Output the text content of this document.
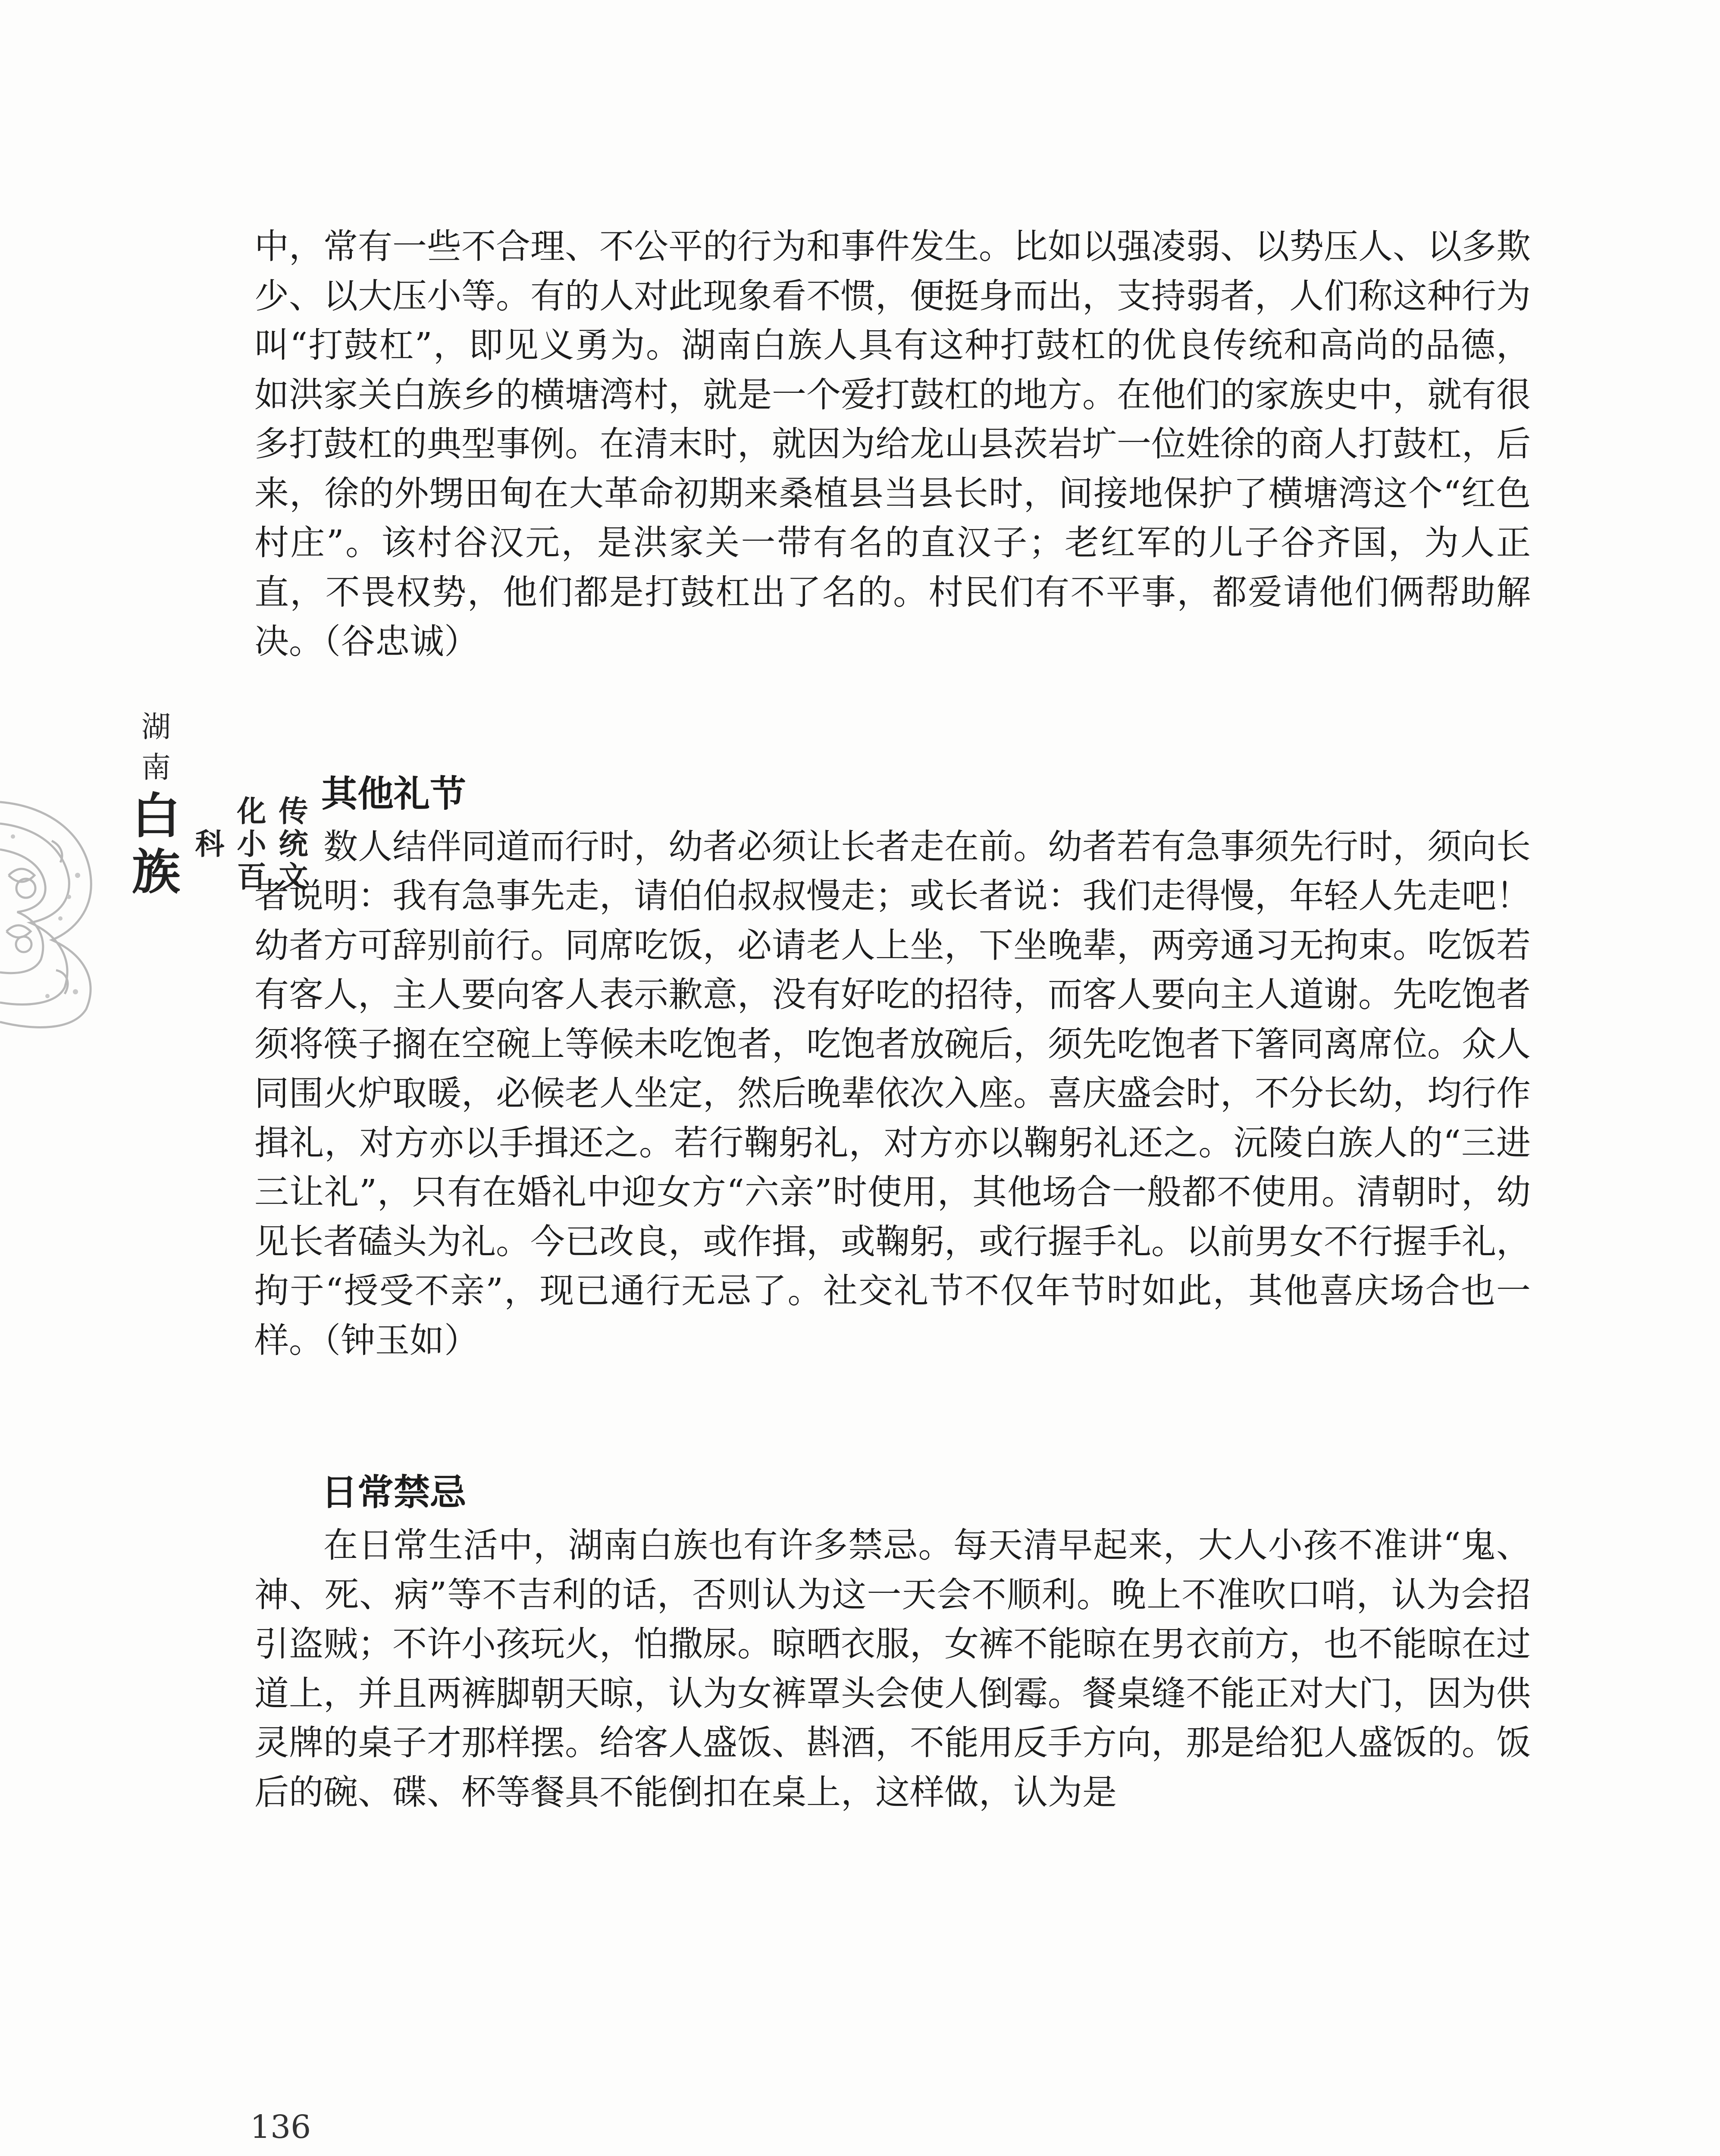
湖
南
白
族	传统文化小百科

中，常有一些不合理、不公平的行为和事件发生。比如以强凌弱、以势压人、以多欺少、以大压小等。有的人对此现象看不惯，便挺身而出，支持弱者，人们称这种行为叫“打鼓杠”，即见义勇为。湖南白族人具有这种打鼓杠的优良传统和高尚的品德，如洪家关白族乡的横塘湾村，就是一个爱打鼓杠的地方。在他们的家族史中，就有很多打鼓杠的典型事例。在清末时，就因为给龙山县茨岩圹一位姓徐的商人打鼓杠，后来，徐的外甥田甸在大革命初期来桑植县当县长时，间接地保护了横塘湾这个“红色村庄”。该村谷汉元，是洪家关一带有名的直汉子；老红军的儿子谷齐国，为人正直，不畏权势，他们都是打鼓杠出了名的。村民们有不平事，都爱请他们俩帮助解决。（谷忠诚）

其他礼节

数人结伴同道而行时，幼者必须让长者走在前。幼者若有急事须先行时，须向长者说明：我有急事先走，请伯伯叔叔慢走；或长者说：我们走得慢，年轻人先走吧！幼者方可辞别前行。同席吃饭，必请老人上坐，下坐晚辈，两旁通习无拘束。吃饭若有客人，主人要向客人表示歉意，没有好吃的招待，而客人要向主人道谢。先吃饱者须将筷子搁在空碗上等候未吃饱者，吃饱者放碗后，须先吃饱者下箸同离席位。众人同围火炉取暖，必候老人坐定，然后晚辈依次入座。喜庆盛会时，不分长幼，均行作揖礼，对方亦以手揖还之。若行鞠躬礼，对方亦以鞠躬礼还之。沅陵白族人的“三进三让礼”，只有在婚礼中迎女方“六亲”时使用，其他场合一般都不使用。清朝时，幼见长者磕头为礼。今已改良，或作揖，或鞠躬，或行握手礼。以前男女不行握手礼，拘于“授受不亲”，现已通行无忌了。社交礼节不仅年节时如此，其他喜庆场合也一样。（钟玉如）

日常禁忌

在日常生活中，湖南白族也有许多禁忌。每天清早起来，大人小孩不准讲“鬼、神、死、病”等不吉利的话，否则认为这一天会不顺利。晚上不准吹口哨，认为会招引盗贼；不许小孩玩火，怕撒尿。晾晒衣服，女裤不能晾在男衣前方，也不能晾在过道上，并且两裤脚朝天晾，认为女裤罩头会使人倒霉。餐桌缝不能正对大门，因为供灵牌的桌子才那样摆。给客人盛饭、斟酒，不能用反手方向，那是给犯人盛饭的。饭后的碗、碟、杯等餐具不能倒扣在桌上，这样做，认为是

136
